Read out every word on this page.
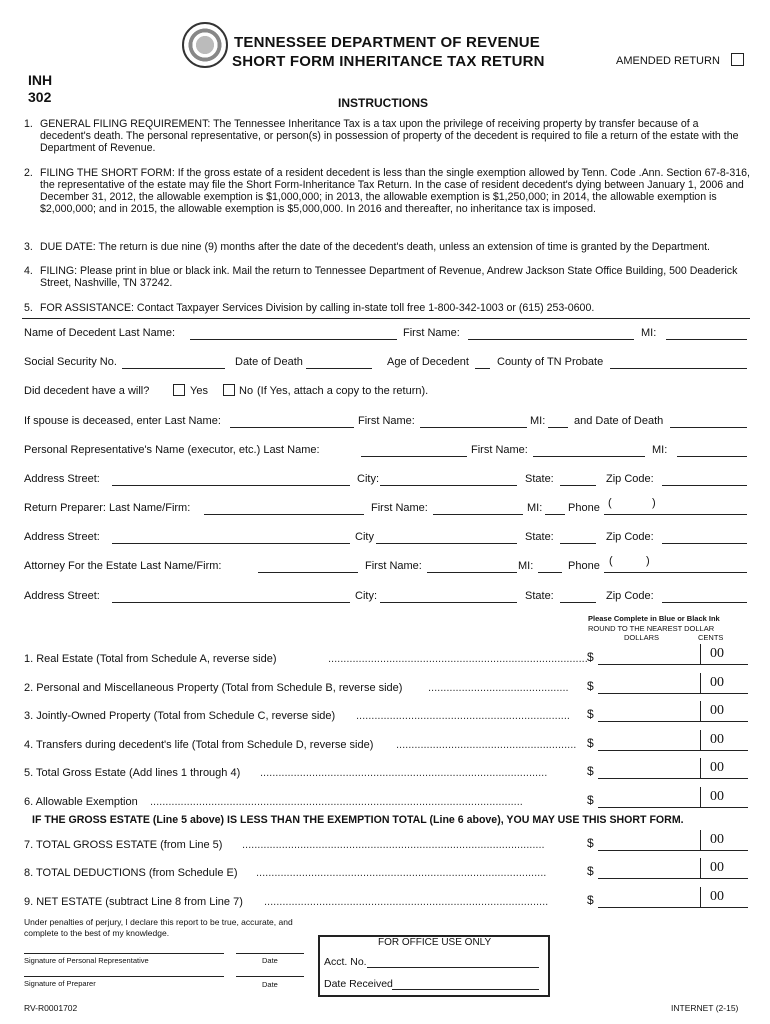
TENNESSEE DEPARTMENT OF REVENUE
SHORT FORM INHERITANCE TAX RETURN	AMENDED RETURN
INH
302	INSTRUCTIONS
1. GENERAL FILING REQUIREMENT: The Tennessee Inheritance Tax is a tax upon the privilege of receiving property by transfer because of a decedent's death. The personal representative, or person(s) in possession of property of the decedent is required to file a return of the estate with the Department of Revenue.
2. FILING THE SHORT FORM: If the gross estate of a resident decedent is less than the single exemption allowed by Tenn. Code .Ann. Section 67-8-316, the representative of the estate may file the Short Form-Inheritance Tax Return. In the case of resident decedent's dying between January 1, 2006 and December 31, 2012, the allowable exemption is $1,000,000; in 2013, the allowable exemption is $1,250,000; in 2014, the allowable exemption is $2,000,000; and in 2015, the allowable exemption is $5,000,000. In 2016 and thereafter, no inheritance tax is imposed.
3. DUE DATE: The return is due nine (9) months after the date of the decedent's death, unless an extension of time is granted by the Department.
4. FILING: Please print in blue or black ink. Mail the return to Tennessee Department of Revenue, Andrew Jackson State Office Building, 500 Deaderick Street, Nashville, TN 37242.
5. FOR ASSISTANCE: Contact Taxpayer Services Division by calling in-state toll free 1-800-342-1003 or (615) 253-0600.
Name of Decedent Last Name:	First Name:	MI:
Social Security No.	Date of Death	Age of Decedent	County of TN Probate
Did decedent have a will?	Yes	No (If Yes, attach a copy to the return).
If spouse is deceased, enter Last Name:	First Name:	MI:	and Date of Death
Personal Representative's Name (executor, etc.) Last Name:	First Name:	MI:
Address Street:	City:	State:	Zip Code:
Return Preparer: Last Name/Firm:	First Name:	MI: Phone (	)
Address Street:	City	State:	Zip Code:
Attorney For the Estate Last Name/Firm:	First Name:	MI:	Phone (	)
Address Street:	City:	State:	Zip Code:
Please Complete in Blue or Black Ink
ROUND TO THE NEAREST DOLLAR
DOLLARS	CENTS
1. Real Estate (Total from Schedule A, reverse side)	..................................................................................... $	00
2. Personal and Miscellaneous Property (Total from Schedule B, reverse side) .............................................. $	00
3. Jointly-Owned Property (Total from Schedule C, reverse side) ...................................................................... $	00
4. Transfers during decedent's life (Total from Schedule D, reverse side) ........................................................... $	00
5. Total Gross Estate (Add lines 1 through 4) ..............................................................................................	$	00
6. Allowable Exemption ..........................................................................................................................	$	00
IF THE GROSS ESTATE (Line 5 above) IS LESS THAN THE EXEMPTION TOTAL (Line 6 above), YOU MAY USE THIS SHORT FORM.
7. TOTAL GROSS ESTATE (from Line 5) ...................................................................................................	$	00
8. TOTAL DEDUCTIONS (from Schedule E) ...............................................................................................	$	00
9. NET ESTATE (subtract Line 8 from Line 7) .............................................................................................	$	00
Under penalties of perjury, I declare this report to be true, accurate, and
complete to the best of my knowledge.
Signature of Personal Representative	Date
Signature of Preparer	Date
FOR OFFICE USE ONLY
Acct. No.
Date Received
RV-R0001702	INTERNET (2-15)
